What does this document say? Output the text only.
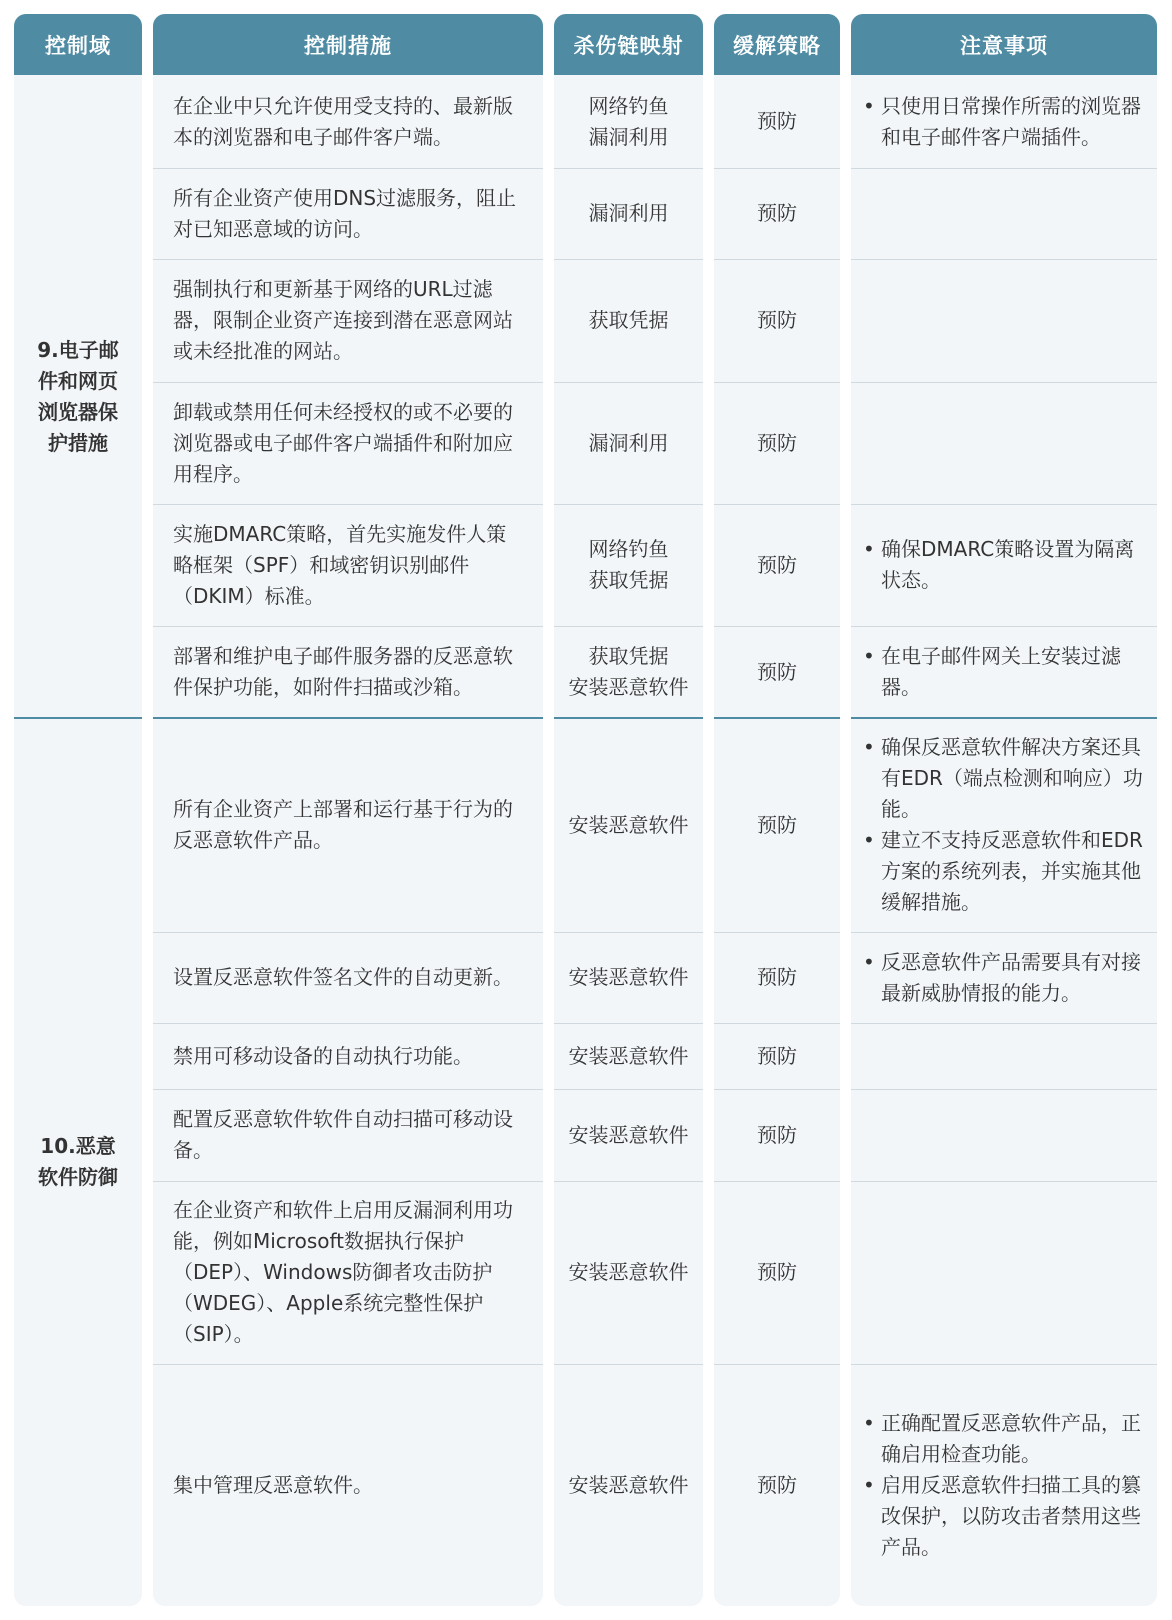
控制域
9.电子邮件和网页浏览器保护措施
10.恶意软件防御
控制措施
在企业中只允许使用受支持的、最新版本的浏览器和电子邮件客户端。
所有企业资产使用DNS过滤服务，阻止对已知恶意域的访问。
强制执行和更新基于网络的URL过滤器，限制企业资产连接到潜在恶意网站或未经批准的网站。
卸载或禁用任何未经授权的或不必要的浏览器或电子邮件客户端插件和附加应用程序。
实施DMARC策略，首先实施发件人策略框架（SPF）和域密钥识别邮件（DKIM）标准。
部署和维护电子邮件服务器的反恶意软件保护功能，如附件扫描或沙箱。
所有企业资产上部署和运行基于行为的反恶意软件产品。
设置反恶意软件签名文件的自动更新。
禁用可移动设备的自动执行功能。
配置反恶意软件软件自动扫描可移动设备。
在企业资产和软件上启用反漏洞利用功能，例如Microsoft数据执行保护（DEP）、Windows防御者攻击防护（WDEG）、Apple系统完整性保护（SIP）。
集中管理反恶意软件。
杀伤链映射
网络钓鱼
漏洞利用
漏洞利用
获取凭据
漏洞利用
网络钓鱼
获取凭据
获取凭据
安装恶意软件
安装恶意软件
安装恶意软件
安装恶意软件
安装恶意软件
安装恶意软件
安装恶意软件
缓解策略
预防
预防
预防
预防
预防
预防
预防
预防
预防
预防
预防
预防
注意事项
• 只使用日常操作所需的浏览器和电子邮件客户端插件。
• 确保DMARC策略设置为隔离状态。
• 在电子邮件网关上安装过滤器。
• 确保反恶意软件解决方案还具有EDR（端点检测和响应）功能。
• 建立不支持反恶意软件和EDR方案的系统列表，并实施其他缓解措施。
• 反恶意软件产品需要具有对接最新威胁情报的能力。
• 正确配置反恶意软件产品，正确启用检查功能。
• 启用反恶意软件扫描工具的篡改保护，以防攻击者禁用这些产品。
